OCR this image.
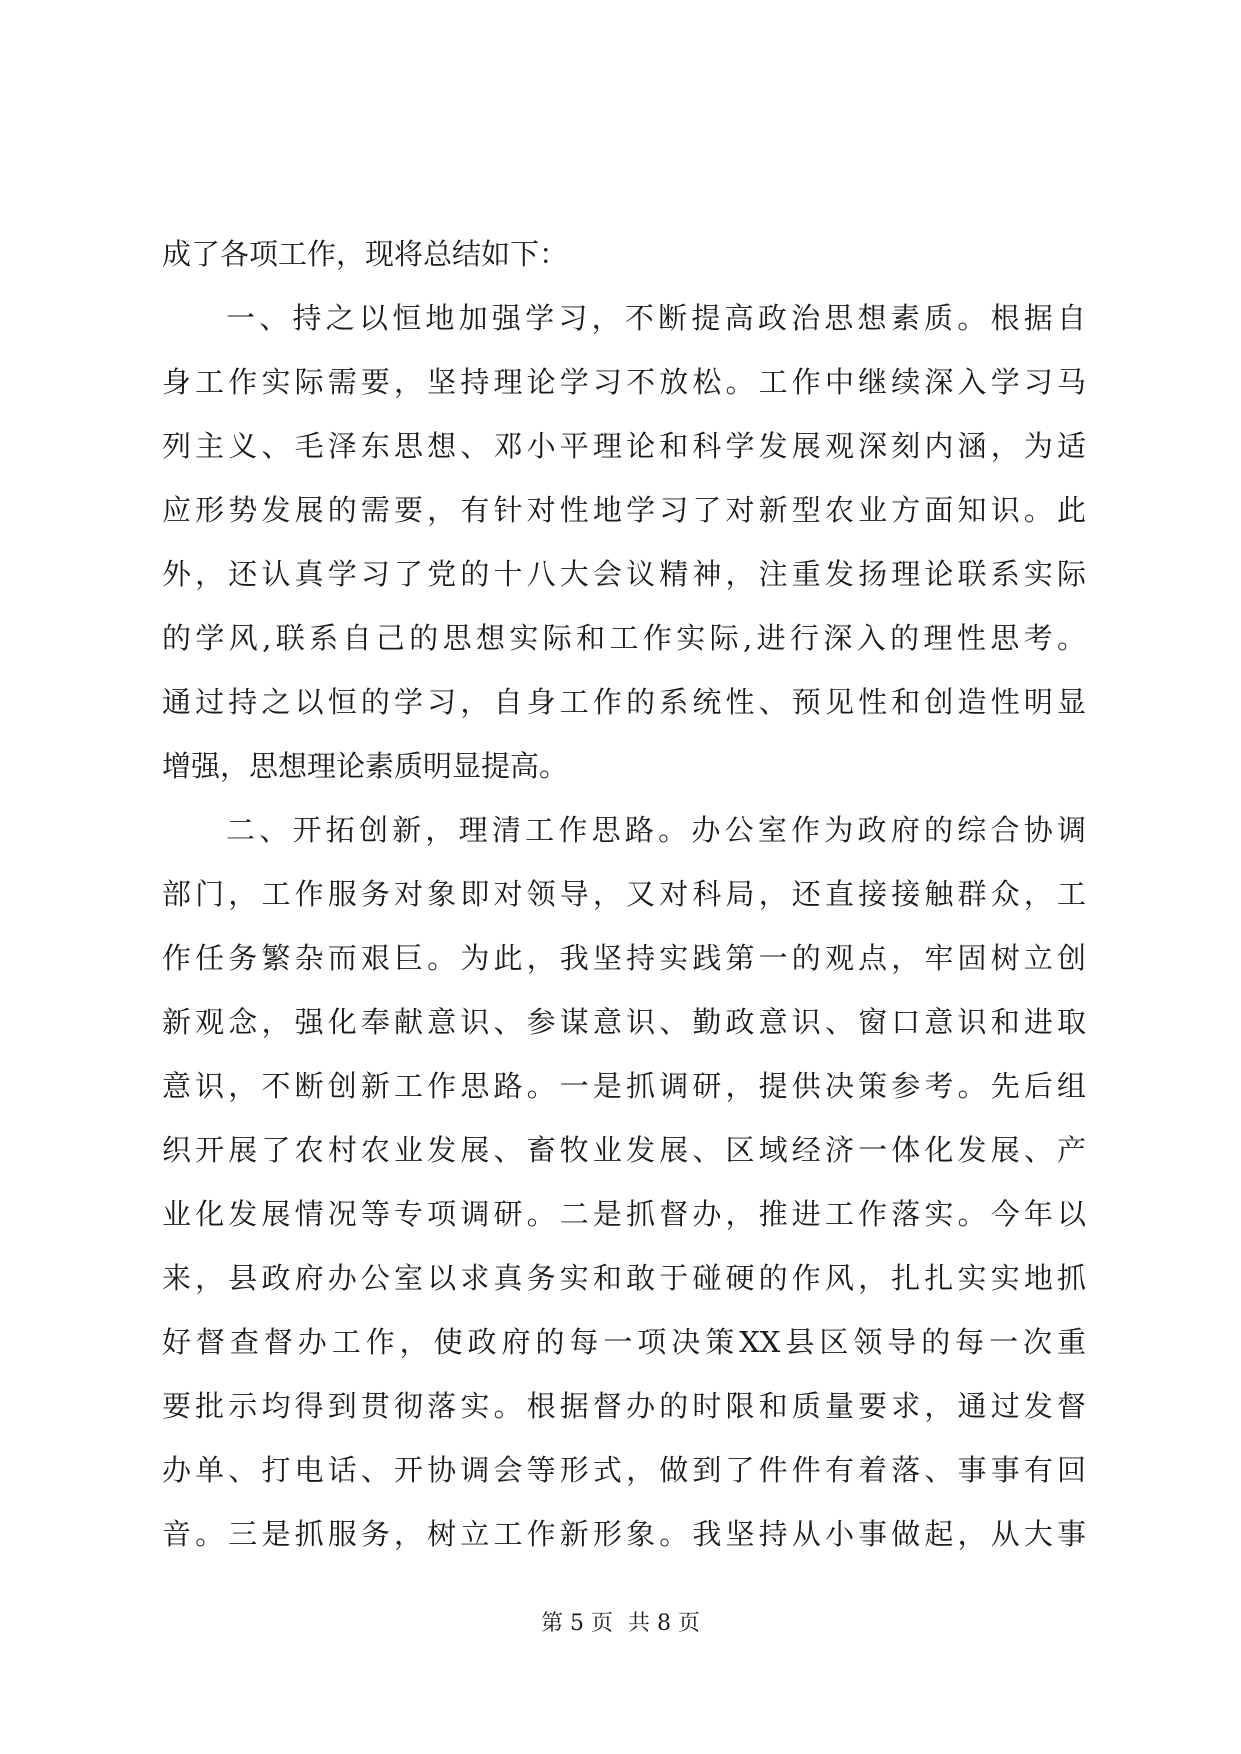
成了各项工作，现将总结如下：
一、持之以恒地加强学习，不断提高政治思想素质。根据自
身工作实际需要，坚持理论学习不放松。工作中继续深入学习马
列主义、毛泽东思想、邓小平理论和科学发展观深刻内涵，为适
应形势发展的需要，有针对性地学习了对新型农业方面知识。此
外，还认真学习了党的十八大会议精神，注重发扬理论联系实际
的学风,联系自己的思想实际和工作实际,进行深入的理性思考。
通过持之以恒的学习，自身工作的系统性、预见性和创造性明显
增强，思想理论素质明显提高。
二、开拓创新，理清工作思路。办公室作为政府的综合协调
部门，工作服务对象即对领导，又对科局，还直接接触群众，工
作任务繁杂而艰巨。为此，我坚持实践第一的观点，牢固树立创
新观念，强化奉献意识、参谋意识、勤政意识、窗口意识和进取
意识，不断创新工作思路。一是抓调研，提供决策参考。先后组
织开展了农村农业发展、畜牧业发展、区域经济一体化发展、产
业化发展情况等专项调研。二是抓督办，推进工作落实。今年以
来，县政府办公室以求真务实和敢于碰硬的作风，扎扎实实地抓
好督查督办工作，使政府的每一项决策XX县区领导的每一次重
要批示均得到贯彻落实。根据督办的时限和质量要求，通过发督
办单、打电话、开协调会等形式，做到了件件有着落、事事有回
音。三是抓服务，树立工作新形象。我坚持从小事做起，从大事
第 5 页 共 8 页
